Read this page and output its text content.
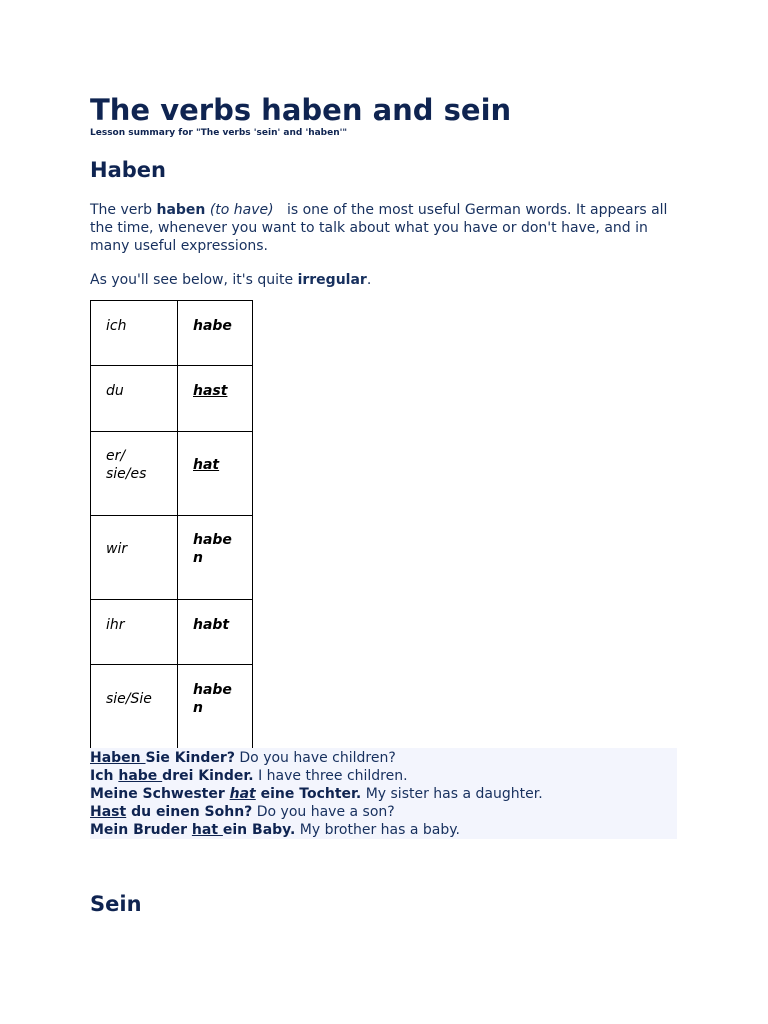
The verbs haben and sein
Lesson summary for "The verbs 'sein' and 'haben'"
Haben

The verb haben (to have)   is one of the most useful German words. It appears all the time, whenever you want to talk about what you have or don't have, and in many useful expressions.

As you'll see below, it's quite irregular.

ich	habe
du	hast
er/ sie/es	hat
wir	haben
ihr	habt
sie/Sie	haben
Haben Sie Kinder? Do you have children?
Ich habe drei Kinder. I have three children.
Meine Schwester hat eine Tochter. My sister has a daughter.
Hast du einen Sohn? Do you have a son?
Mein Bruder hat ein Baby. My brother has a baby.
Sein
